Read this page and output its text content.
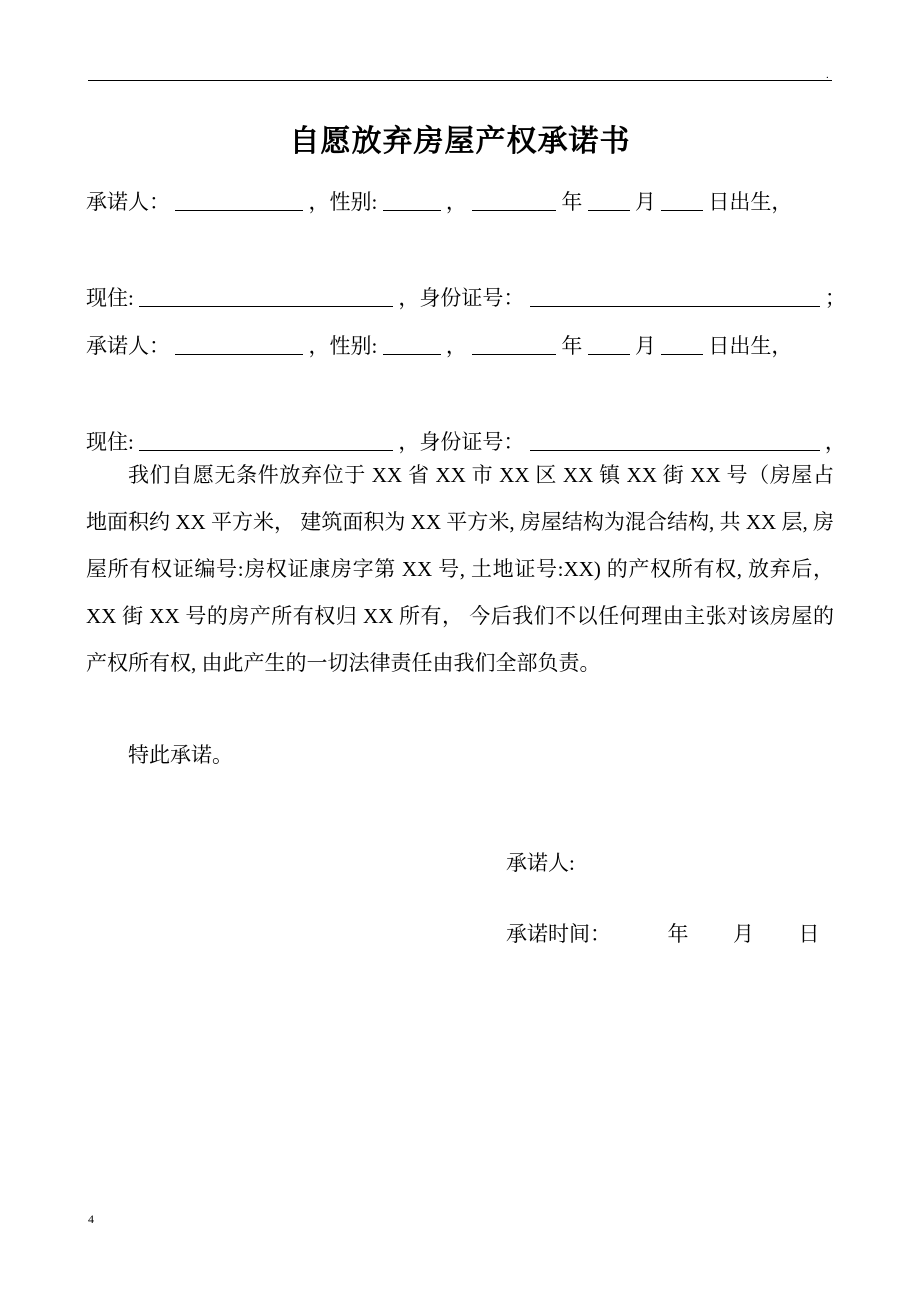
.
自愿放弃房屋产权承诺书
承诺人：	，性别:	，	年	月	日出生，
现住:	，身份证号：	；
承诺人：	，性别:	，	年	月	日出生，
现住:	，身份证号：	，

我们自愿无条件放弃位于 XX 省 XX 市 XX 区 XX 镇 XX 街 XX 号（房屋占地面积约 XX 平方米， 建筑面积为 XX 平方米, 房屋结构为混合结构, 共 XX 层, 房屋所有权证编号:房权证康房字第 XX 号, 土地证号:XX) 的产权所有权, 放弃后， XX 街 XX 号的房产所有权归 XX 所有， 今后我们不以任何理由主张对该房屋的产权所有权, 由此产生的一切法律责任由我们全部负责。

特此承诺。

承诺人:
承诺时间：	年 月 日
4
